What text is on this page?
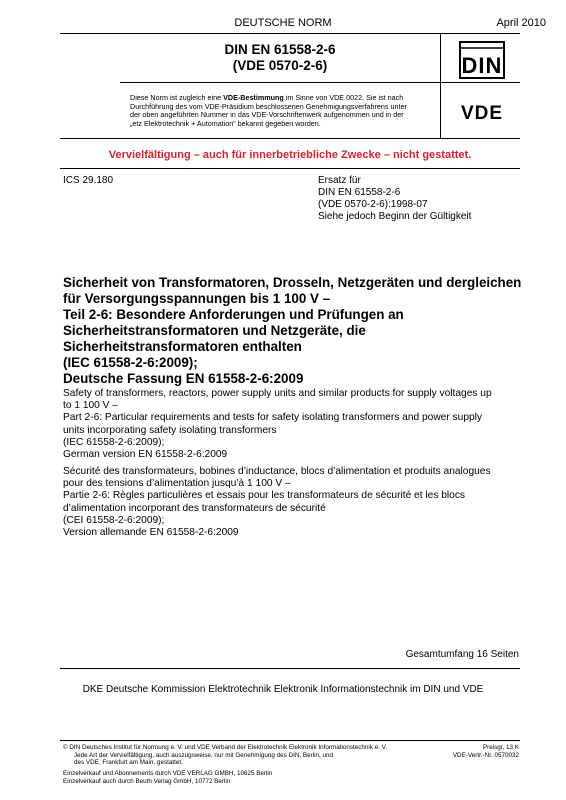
DEUTSCHE NORM	April 2010
DIN EN 61558-2-6
(VDE 0570-2-6)	DIN
VDE
Diese Norm ist zugleich eine VDE-Bestimmung im Sinne von VDE 0022. Sie ist nach
Durchführung des vom VDE-Präsidium beschlossenen Genehmigungsverfahrens unter
der oben angeführten Nummer in das VDE-Vorschriftenwerk aufgenommen und in der
„etz Elektrotechnik + Automation“ bekannt gegeben worden.
Vervielfältigung – auch für innerbetriebliche Zwecke – nicht gestattet.
ICS 29.180	Ersatz für
DIN EN 61558-2-6
(VDE 0570-2-6):1998-07
Siehe jedoch Beginn der Gültigkeit
Sicherheit von Transformatoren, Drosseln, Netzgeräten und dergleichen
für Versorgungsspannungen bis 1 100 V –
Teil 2-6: Besondere Anforderungen und Prüfungen an
Sicherheitstransformatoren und Netzgeräte, die
Sicherheitstransformatoren enthalten
(IEC 61558-2-6:2009);
Deutsche Fassung EN 61558-2-6:2009
Safety of transformers, reactors, power supply units and similar products for supply voltages up
to 1 100 V –
Part 2-6: Particular requirements and tests for safety isolating transformers and power supply
units incorporating safety isolating transformers
(IEC 61558-2-6:2009);
German version EN 61558-2-6:2009
Sécurité des transformateurs, bobines d’inductance, blocs d’alimentation et produits analogues
pour des tensions d’alimentation jusqu’à 1 100 V –
Partie 2-6: Règles particulières et essais pour les transformateurs de sécurité et les blocs
d’alimentation incorporant des transformateurs de sécurité
(CEI 61558-2-6:2009);
Version allemande EN 61558-2-6:2009
Gesamtumfang 16 Seiten
DKE Deutsche Kommission Elektrotechnik Elektronik Informationstechnik im DIN und VDE
© DIN Deutsches Institut für Normung e. V. und VDE Verband der Elektrotechnik Elektronik Informationstechnik e. V.
Jede Art der Vervielfältigung, auch auszugsweise, nur mit Genehmigung des DIN, Berlin, und
des VDE, Frankfurt am Main, gestattet.
Preisgr. 13 K
VDE-Vertr.-Nr. 0570032
Einzelverkauf und Abonnements durch VDE VERLAG GMBH, 10625 Berlin
Einzelverkauf auch durch Beuth Verlag GmbH, 10772 Berlin
